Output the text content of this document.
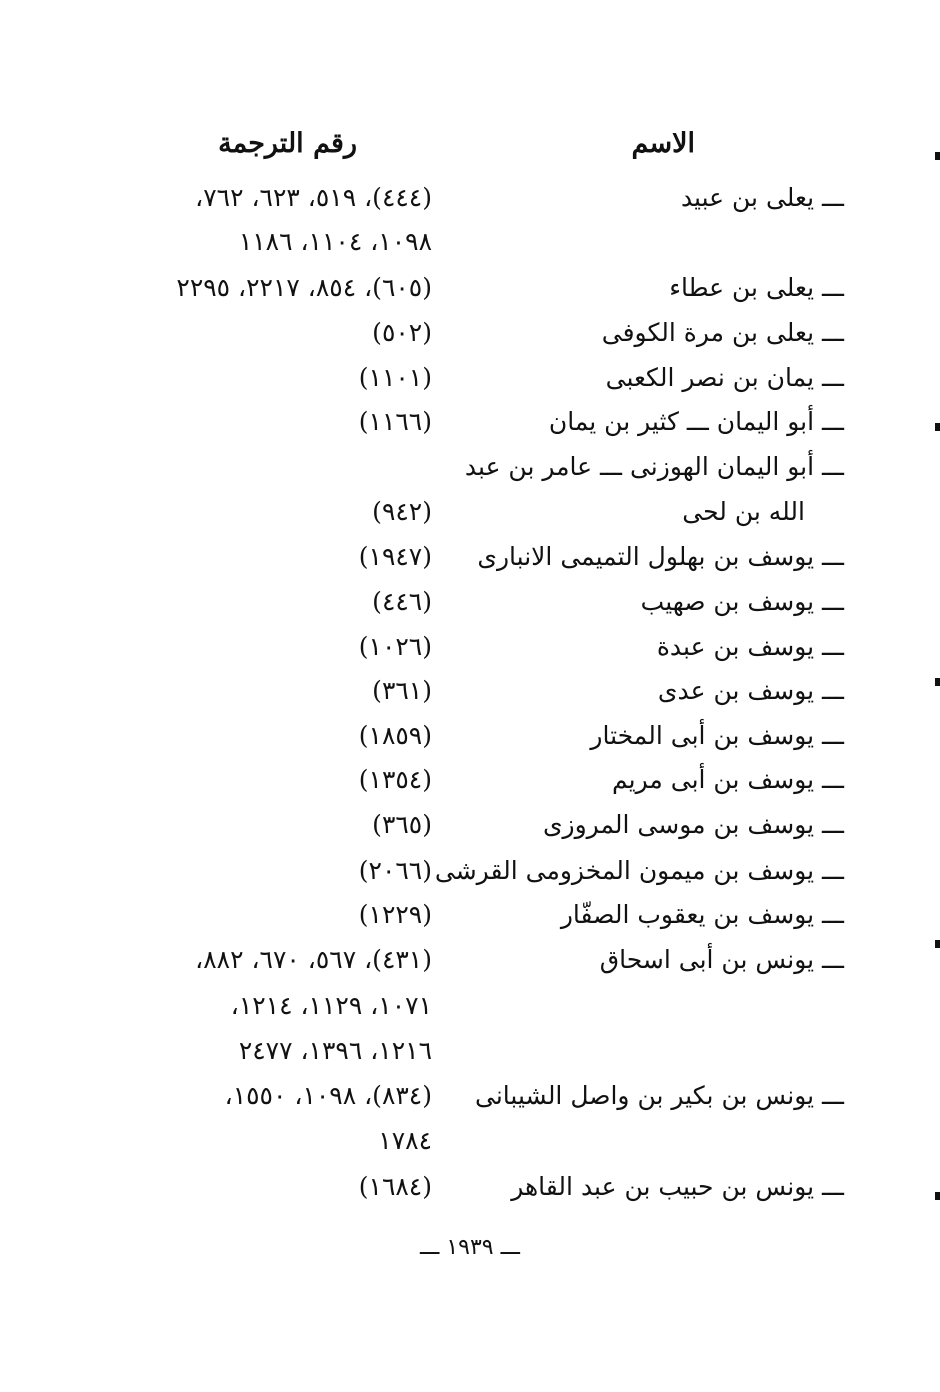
الاسم
رقم الترجمة
ـــ يعلى بن عبيد
(٤٤٤)، ٥١٩، ٦٢٣، ٧٦٢،
١٠٩٨، ١١٠٤، ١١٨٦
ـــ يعلى بن عطاء
(٦٠٥)، ٨٥٤، ٢٢١٧، ٢٢٩٥
ـــ يعلى بن مرة الكوفى
(٥٠٢)
ـــ يمان بن نصر الكعبى
(١١٠١)
ـــ أبو اليمان ـــ كثير بن يمان
(١١٦٦)
ـــ أبو اليمان الهوزنى ـــ عامر بن عبد
الله بن لحى
(٩٤٢)
ـــ يوسف بن بهلول التميمى الانبارى
(١٩٤٧)
ـــ يوسف بن صهيب
(٤٤٦)
ـــ يوسف بن عبدة
(١٠٢٦)
ـــ يوسف بن عدى
(٣٦١)
ـــ يوسف بن أبى المختار
(١٨٥٩)
ـــ يوسف بن أبى مريم
(١٣٥٤)
ـــ يوسف بن موسى المروزى
(٣٦٥)
ـــ يوسف بن ميمون المخزومى القرشى
(٢٠٦٦)
ـــ يوسف بن يعقوب الصفّار
(١٢٢٩)
ـــ يونس بن أبى اسحاق
(٤٣١)، ٥٦٧، ٦٧٠، ٨٨٢،
١٠٧١، ١١٢٩، ١٢١٤،
١٢١٦، ١٣٩٦، ٢٤٧٧
ـــ يونس بن بكير بن واصل الشيبانى
(٨٣٤)، ١٠٩٨، ١٥٥٠،
١٧٨٤
ـــ يونس بن حبيب بن عبد القاهر
(١٦٨٤)
ـــ ١٩٣٩ ـــ
